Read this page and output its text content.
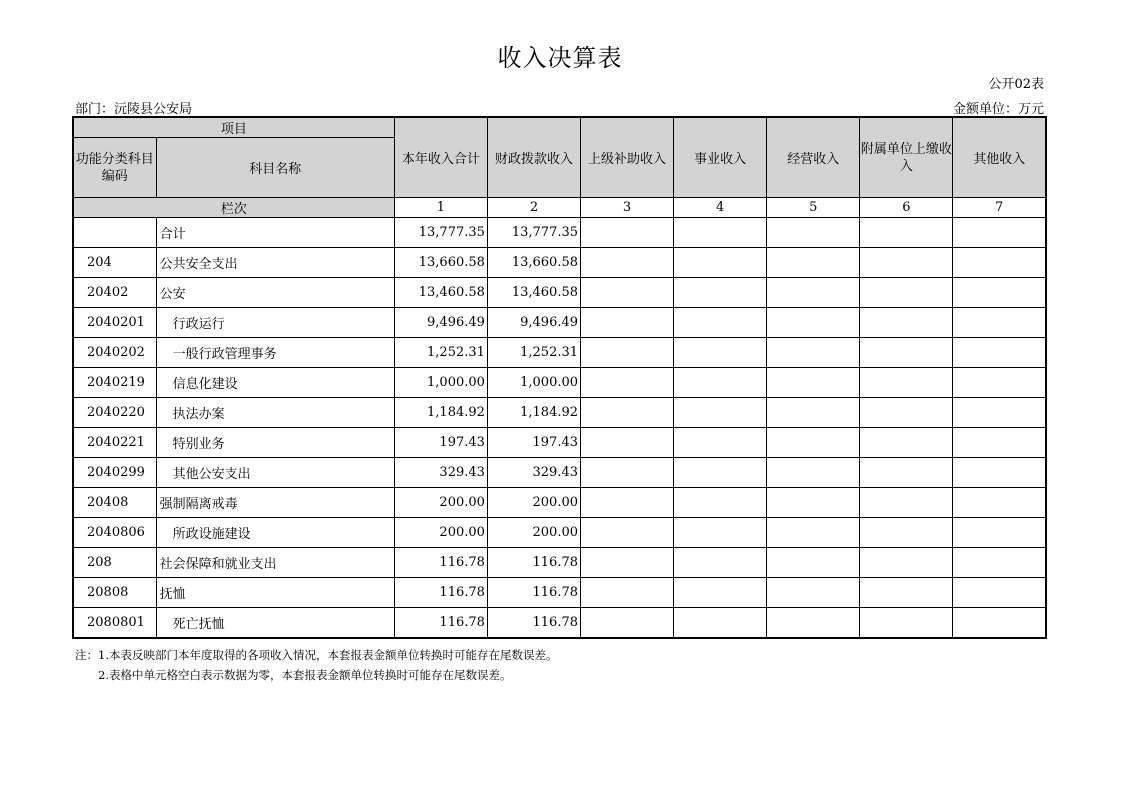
收入决算表
公开02表
部门：沅陵县公安局	金额单位：万元
项目		本年收入合计	财政拨款收入	上级补助收入	事业收入	经营收入	附属单位上缴收入	其他收入
功能分类科目编码	科目名称							
栏次		1	2	3	4	5	6	7
	合计	13,777.35	13,777.35					
204	公共安全支出	13,660.58	13,660.58					
20402	公安	13,460.58	13,460.58					
2040201	行政运行	9,496.49	9,496.49					
2040202	一般行政管理事务	1,252.31	1,252.31					
2040219	信息化建设	1,000.00	1,000.00					
2040220	执法办案	1,184.92	1,184.92					
2040221	特别业务	197.43	197.43					
2040299	其他公安支出	329.43	329.43					
20408	强制隔离戒毒	200.00	200.00					
2040806	所政设施建设	200.00	200.00					
208	社会保障和就业支出	116.78	116.78					
20808	抚恤	116.78	116.78					
2080801	死亡抚恤	116.78	116.78					
注：1.本表反映部门本年度取得的各项收入情况，本套报表金额单位转换时可能存在尾数误差。
2.表格中单元格空白表示数据为零，本套报表金额单位转换时可能存在尾数误差。
